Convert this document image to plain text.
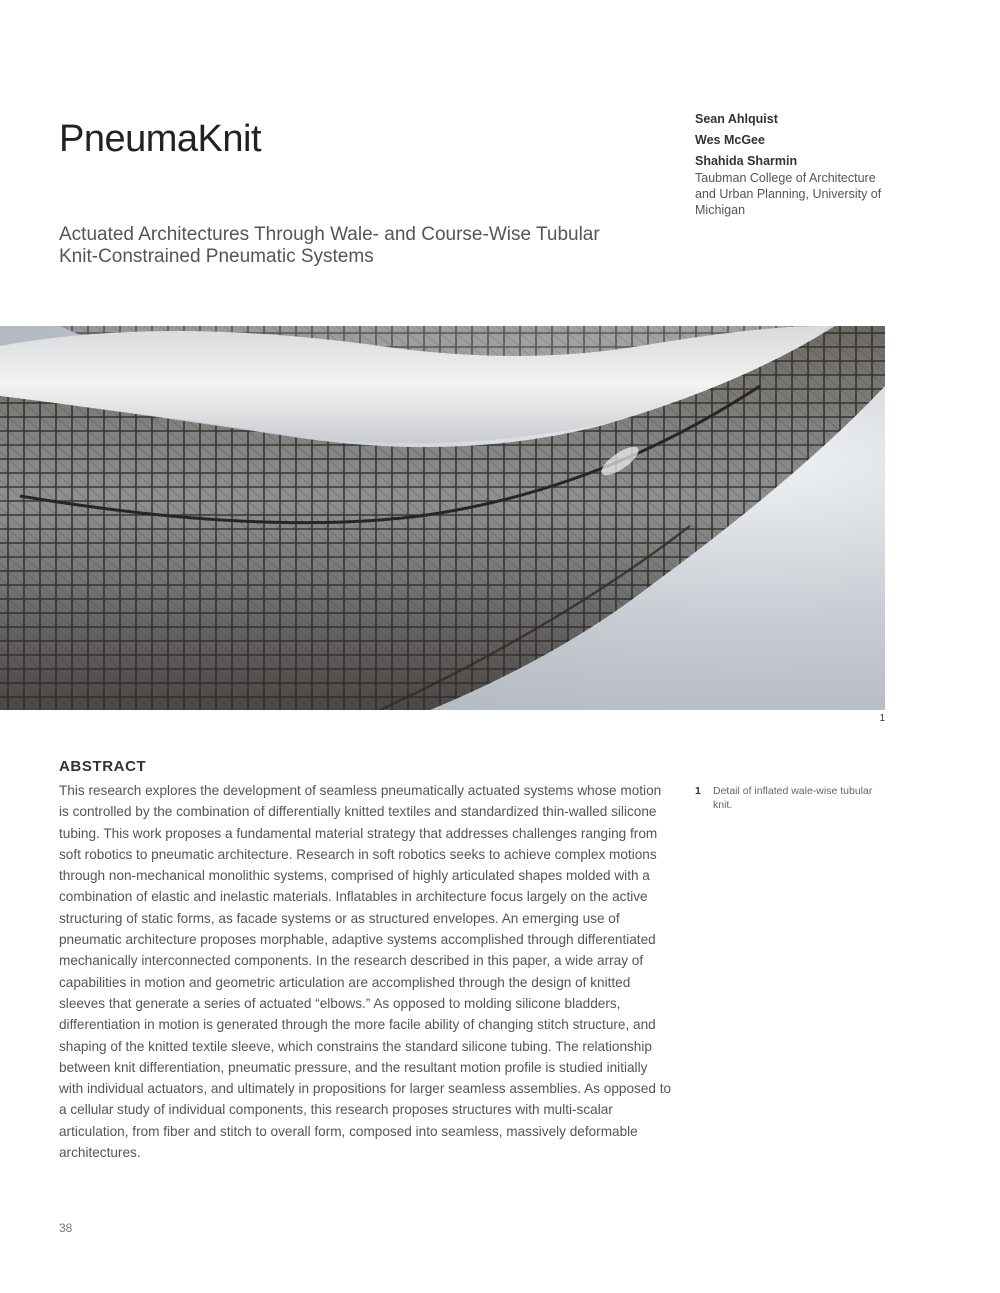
PneumaKnit
Actuated Architectures Through Wale- and Course-Wise Tubular Knit-Constrained Pneumatic Systems
Sean Ahlquist
Wes McGee
Shahida Sharmin
Taubman College of Architecture and Urban Planning, University of Michigan
1
ABSTRACT

This research explores the development of seamless pneumatically actuated systems whose motion is controlled by the combination of differentially knitted textiles and standardized thin-walled silicone tubing. This work proposes a fundamental material strategy that addresses challenges ranging from soft robotics to pneumatic architecture. Research in soft robotics seeks to achieve complex motions through non-mechanical monolithic systems, comprised of highly articulated shapes molded with a combination of elastic and inelastic materials. Inflatables in architecture focus largely on the active structuring of static forms, as facade systems or as structured envelopes. An emerging use of pneumatic architecture proposes morphable, adaptive systems accomplished through differentiated mechanically interconnected components. In the research described in this paper, a wide array of capabilities in motion and geometric articulation are accomplished through the design of knitted sleeves that generate a series of actuated “elbows.” As opposed to molding silicone bladders, differentiation in motion is generated through the more facile ability of changing stitch structure, and shaping of the knitted textile sleeve, which constrains the standard silicone tubing. The relationship between knit differentiation, pneumatic pressure, and the resultant motion profile is studied initially with individual actuators, and ultimately in propositions for larger seamless assemblies. As opposed to a cellular study of individual components, this research proposes structures with multi-scalar articulation, from fiber and stitch to overall form, composed into seamless, massively deformable architectures.

1 Detail of inflated wale-wise tubular knit.
38
